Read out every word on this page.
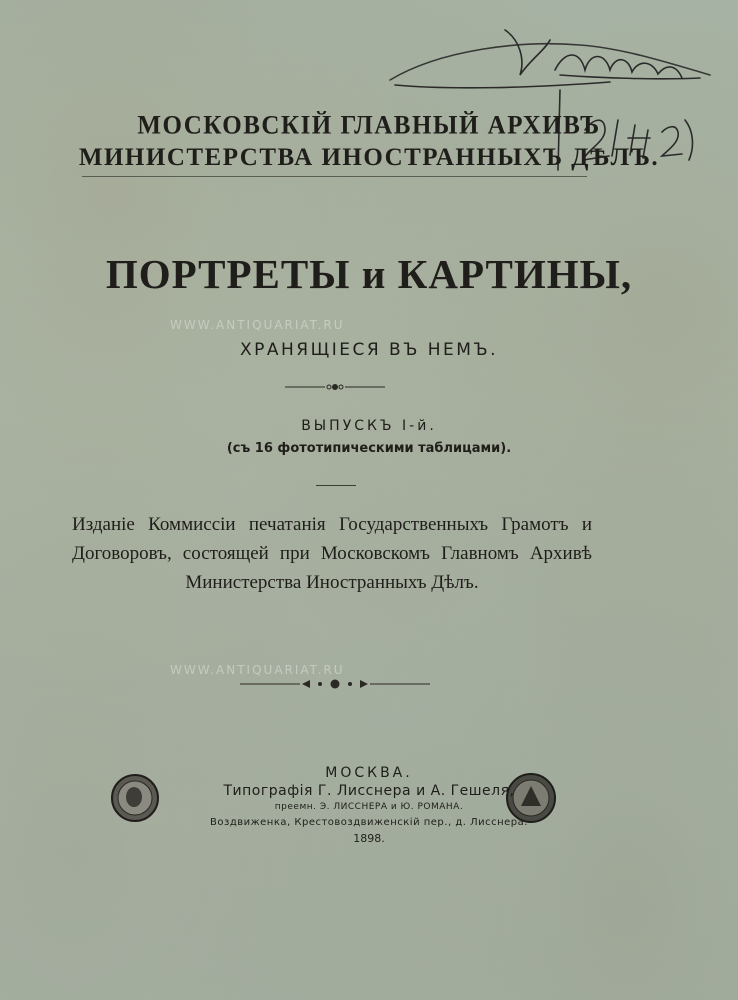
МОСКОВСКІЙ ГЛАВНЫЙ АРХИВЪ
МИНИСТЕРСТВА ИНОСТРАННЫХЪ ДѢЛЪ.
WWW.ANTIQUARIAT.RU
WWW.ANTIQUARIAT.RU
ПОРТРЕТЫ и КАРТИНЫ,
ХРАНЯЩІЕСЯ ВЪ НЕМЪ.
ВЫПУСКЪ I-й.
(съ 16 фототипическими таблицами).
Изданіе Коммиссіи печатанія Государственныхъ Грамотъ и Договоровъ, состоящей при Московскомъ Главномъ Архивѣ Министерства Иностранныхъ Дѣлъ.
МОСКВА.
Типографія Г. Лисснера и А. Гешеля,
преемн. Э. ЛИССНЕРА и Ю. РОМАНА.
Воздвиженка, Крестовоздвиженскій пер., д. Лисснера.
1898.
